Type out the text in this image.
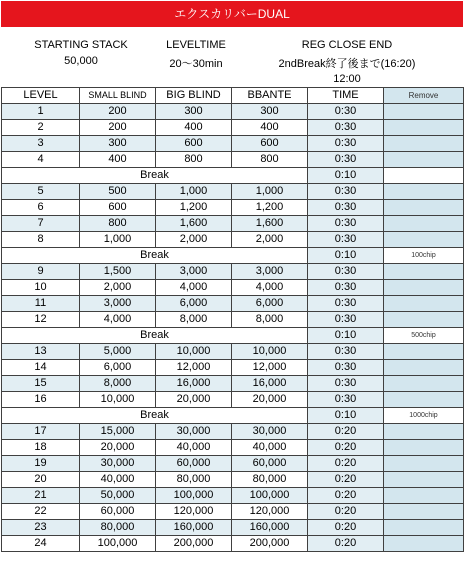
エクスカリバーDUAL
STARTING STACK
50,000
LEVELTIME
20～30min
REG CLOSE END
2ndBreak終了後まで(16:20)
12:00
LEVEL	SMALL BLIND	BIG BLIND	BBANTE	TIME	Remove
1	200	300	300	0:30	
2	200	400	400	0:30	
3	300	600	600	0:30	
4	400	800	800	0:30	
Break				0:10	
5	500	1,000	1,000	0:30	
6	600	1,200	1,200	0:30	
7	800	1,600	1,600	0:30	
8	1,000	2,000	2,000	0:30	
Break				0:10	100chip
9	1,500	3,000	3,000	0:30	
10	2,000	4,000	4,000	0:30	
11	3,000	6,000	6,000	0:30	
12	4,000	8,000	8,000	0:30	
Break				0:10	500chip
13	5,000	10,000	10,000	0:30	
14	6,000	12,000	12,000	0:30	
15	8,000	16,000	16,000	0:30	
16	10,000	20,000	20,000	0:30	
Break				0:10	1000chip
17	15,000	30,000	30,000	0:20	
18	20,000	40,000	40,000	0:20	
19	30,000	60,000	60,000	0:20	
20	40,000	80,000	80,000	0:20	
21	50,000	100,000	100,000	0:20	
22	60,000	120,000	120,000	0:20	
23	80,000	160,000	160,000	0:20	
24	100,000	200,000	200,000	0:20	
